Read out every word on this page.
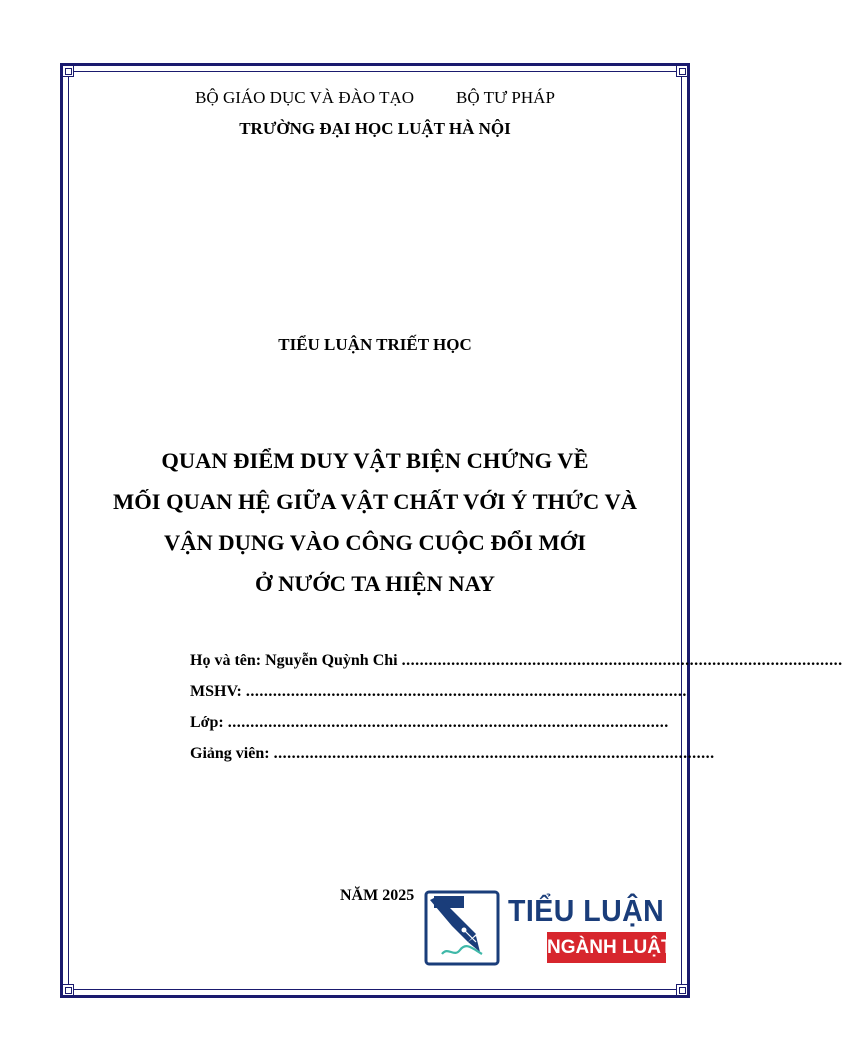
BỘ GIÁO DỤC VÀ ĐÀO TẠO BỘ TƯ PHÁP
TRƯỜNG ĐẠI HỌC LUẬT HÀ NỘI
TIỂU LUẬN TRIẾT HỌC
QUAN ĐIỂM DUY VẬT BIỆN CHỨNG VỀ
MỐI QUAN HỆ GIỮA VẬT CHẤT VỚI Ý THỨC VÀ
VẬN DỤNG VÀO CÔNG CUỘC ĐỔI MỚI
Ở NƯỚC TA HIỆN NAY
Họ và tên: Nguyễn Quỳnh Chi ..................................................................................................
MSHV: ..................................................................................................
Lớp: ..................................................................................................
Giảng viên: ..................................................................................................
NĂM 2025	TIỂU LUẬN
NGÀNH LUẬT
